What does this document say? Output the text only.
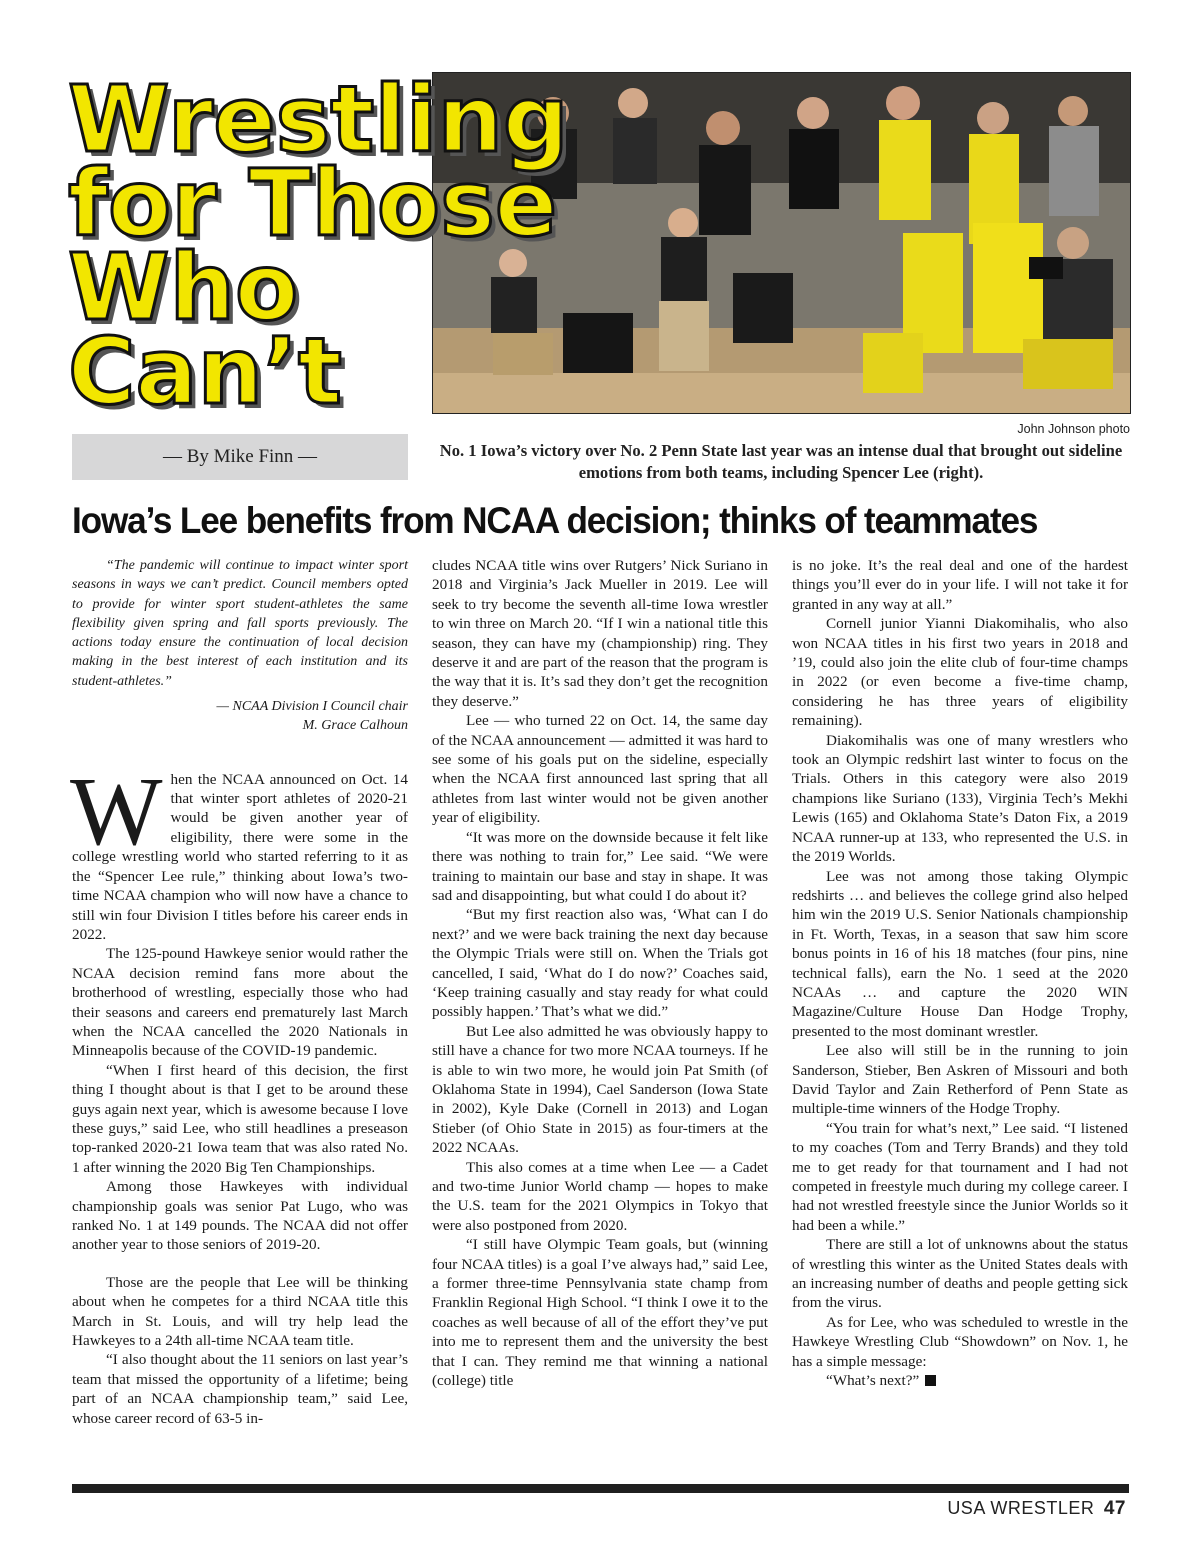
Wrestling
for Those
Who
Can’t
John Johnson photo
— By Mike Finn —	No. 1 Iowa’s victory over No. 2 Penn State last year was an intense dual that brought out sideline emotions from both teams, including Spencer Lee (right).
Iowa’s Lee benefits from NCAA decision; thinks of teammates

“The pandemic will continue to impact winter sport seasons in ways we can’t predict. Council members opted to provide for winter sport student-athletes the same flexibility given spring and fall sports previously. The actions today ensure the continuation of local decision making in the best interest of each institution and its student-athletes.”

— NCAA Division I Council chair
M. Grace Calhoun

When the NCAA announced on Oct. 14 that winter sport athletes of 2020-21 would be given another year of eligibility, there were some in the college wrestling world who started referring to it as the “Spencer Lee rule,” thinking about Iowa’s two-time NCAA champion who will now have a chance to still win four Division I titles before his career ends in 2022.

The 125-pound Hawkeye senior would rather the NCAA decision remind fans more about the brotherhood of wrestling, especially those who had their seasons and careers end prematurely last March when the NCAA cancelled the 2020 Nationals in Minneapolis because of the COVID-19 pandemic.

“When I first heard of this decision, the first thing I thought about is that I get to be around these guys again next year, which is awesome because I love these guys,” said Lee, who still headlines a preseason top-ranked 2020-21 Iowa team that was also rated No. 1 after winning the 2020 Big Ten Championships.

Among those Hawkeyes with individual championship goals was senior Pat Lugo, who was ranked No. 1 at 149 pounds. The NCAA did not offer another year to those seniors of 2019-20.

Those are the people that Lee will be thinking about when he competes for a third NCAA title this March in St. Louis, and will try help lead the Hawkeyes to a 24th all-time NCAA team title.

“I also thought about the 11 seniors on last year’s team that missed the opportunity of a lifetime; being part of an NCAA championship team,” said Lee, whose career record of 63-5 in-

cludes NCAA title wins over Rutgers’ Nick Suriano in 2018 and Virginia’s Jack Mueller in 2019. Lee will seek to try become the seventh all-time Iowa wrestler to win three on March 20. “If I win a national title this season, they can have my (championship) ring. They deserve it and are part of the reason that the program is the way that it is. It’s sad they don’t get the recognition they deserve.”

Lee — who turned 22 on Oct. 14, the same day of the NCAA announcement — admitted it was hard to see some of his goals put on the sideline, especially when the NCAA first announced last spring that all athletes from last winter would not be given another year of eligibility.

“It was more on the downside because it felt like there was nothing to train for,” Lee said. “We were training to maintain our base and stay in shape. It was sad and disappointing, but what could I do about it?

“But my first reaction also was, ‘What can I do next?’ and we were back training the next day because the Olympic Trials were still on. When the Trials got cancelled, I said, ‘What do I do now?’ Coaches said, ‘Keep training casually and stay ready for what could possibly happen.’ That’s what we did.”

But Lee also admitted he was obviously happy to still have a chance for two more NCAA tourneys. If he is able to win two more, he would join Pat Smith (of Oklahoma State in 1994), Cael Sanderson (Iowa State in 2002), Kyle Dake (Cornell in 2013) and Logan Stieber (of Ohio State in 2015) as four-timers at the 2022 NCAAs.

This also comes at a time when Lee — a Cadet and two-time Junior World champ — hopes to make the U.S. team for the 2021 Olympics in Tokyo that were also postponed from 2020.

“I still have Olympic Team goals, but (winning four NCAA titles) is a goal I’ve always had,” said Lee, a former three-time Pennsylvania state champ from Franklin Regional High School. “I think I owe it to the coaches as well because of all of the effort they’ve put into me to represent them and the university the best that I can. They remind me that winning a national (college) title

is no joke. It’s the real deal and one of the hardest things you’ll ever do in your life. I will not take it for granted in any way at all.”

Cornell junior Yianni Diakomihalis, who also won NCAA titles in his first two years in 2018 and ’19, could also join the elite club of four-time champs in 2022 (or even become a five-time champ, considering he has three years of eligibility remaining).

Diakomihalis was one of many wrestlers who took an Olympic redshirt last winter to focus on the Trials. Others in this category were also 2019 champions like Suriano (133), Virginia Tech’s Mekhi Lewis (165) and Oklahoma State’s Daton Fix, a 2019 NCAA runner-up at 133, who represented the U.S. in the 2019 Worlds.

Lee was not among those taking Olympic redshirts … and believes the college grind also helped him win the 2019 U.S. Senior Nationals championship in Ft. Worth, Texas, in a season that saw him score bonus points in 16 of his 18 matches (four pins, nine technical falls), earn the No. 1 seed at the 2020 NCAAs … and capture the 2020 WIN Magazine/Culture House Dan Hodge Trophy, presented to the most dominant wrestler.

Lee also will still be in the running to join Sanderson, Stieber, Ben Askren of Missouri and both David Taylor and Zain Retherford of Penn State as multiple-time winners of the Hodge Trophy.

“You train for what’s next,” Lee said. “I listened to my coaches (Tom and Terry Brands) and they told me to get ready for that tournament and I had not competed in freestyle much during my college career. I had not wrestled freestyle since the Junior Worlds so it had been a while.”

There are still a lot of unknowns about the status of wrestling this winter as the United States deals with an increasing number of deaths and people getting sick from the virus.

As for Lee, who was scheduled to wrestle in the Hawkeye Wrestling Club “Showdown” on Nov. 1, he has a simple message:

“What’s next?”

USA WRESTLER 47
